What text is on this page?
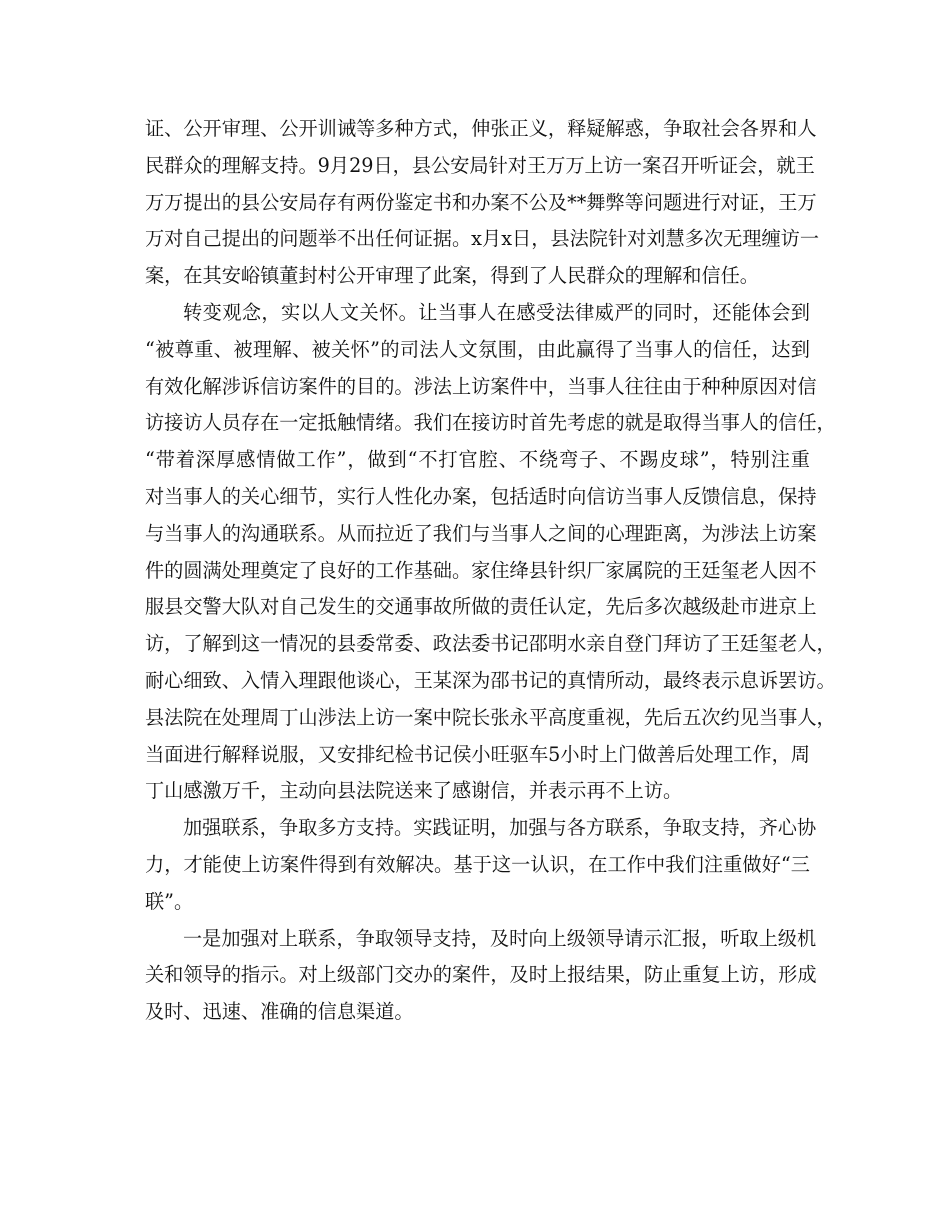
证、公开审理、公开训诫等多种方式，伸张正义，释疑解惑，争取社会各界和人
民群众的理解支持。9月29日，县公安局针对王万万上访一案召开听证会，就王
万万提出的县公安局存有两份鉴定书和办案不公及**舞弊等问题进行对证，王万
万对自己提出的问题举不出任何证据。x月x日，县法院针对刘慧多次无理缠访一
案，在其安峪镇董封村公开审理了此案，得到了人民群众的理解和信任。
转变观念，实以人文关怀。让当事人在感受法律威严的同时，还能体会到
“被尊重、被理解、被关怀”的司法人文氛围，由此赢得了当事人的信任，达到
有效化解涉诉信访案件的目的。涉法上访案件中，当事人往往由于种种原因对信
访接访人员存在一定抵触情绪。我们在接访时首先考虑的就是取得当事人的信任，
“带着深厚感情做工作”，做到“不打官腔、不绕弯子、不踢皮球”，特别注重
对当事人的关心细节，实行人性化办案，包括适时向信访当事人反馈信息，保持
与当事人的沟通联系。从而拉近了我们与当事人之间的心理距离，为涉法上访案
件的圆满处理奠定了良好的工作基础。家住绛县针织厂家属院的王廷玺老人因不
服县交警大队对自己发生的交通事故所做的责任认定，先后多次越级赴市进京上
访，了解到这一情况的县委常委、政法委书记邵明水亲自登门拜访了王廷玺老人，
耐心细致、入情入理跟他谈心，王某深为邵书记的真情所动，最终表示息诉罢访。
县法院在处理周丁山涉法上访一案中院长张永平高度重视，先后五次约见当事人，
当面进行解释说服，又安排纪检书记侯小旺驱车5小时上门做善后处理工作，周
丁山感激万千，主动向县法院送来了感谢信，并表示再不上访。
加强联系，争取多方支持。实践证明，加强与各方联系，争取支持，齐心协
力，才能使上访案件得到有效解决。基于这一认识，在工作中我们注重做好“三
联”。
一是加强对上联系，争取领导支持，及时向上级领导请示汇报，听取上级机
关和领导的指示。对上级部门交办的案件，及时上报结果，防止重复上访，形成
及时、迅速、准确的信息渠道。
